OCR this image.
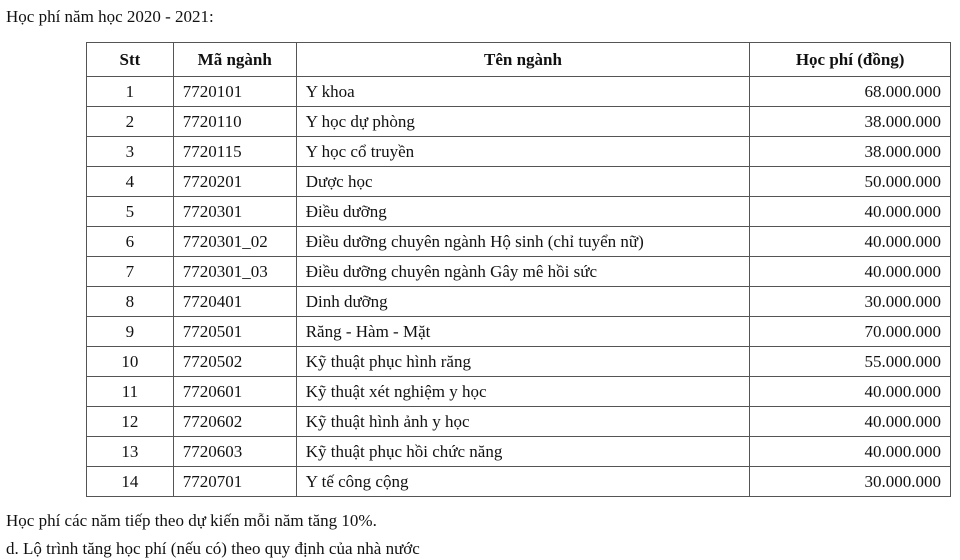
Học phí năm học 2020 - 2021:
Stt	Mã ngành	Tên ngành	Học phí (đồng)
1	7720101	Y khoa	68.000.000
2	7720110	Y học dự phòng	38.000.000
3	7720115	Y học cổ truyền	38.000.000
4	7720201	Dược học	50.000.000
5	7720301	Điều dưỡng	40.000.000
6	7720301_02	Điều dưỡng chuyên ngành Hộ sinh (chỉ tuyển nữ)	40.000.000
7	7720301_03	Điều dưỡng chuyên ngành Gây mê hồi sức	40.000.000
8	7720401	Dinh dưỡng	30.000.000
9	7720501	Răng - Hàm - Mặt	70.000.000
10	7720502	Kỹ thuật phục hình răng	55.000.000
11	7720601	Kỹ thuật xét nghiệm y học	40.000.000
12	7720602	Kỹ thuật hình ảnh y học	40.000.000
13	7720603	Kỹ thuật phục hồi chức năng	40.000.000
14	7720701	Y tế công cộng	30.000.000
Học phí các năm tiếp theo dự kiến mỗi năm tăng 10%.
d. Lộ trình tăng học phí (nếu có) theo quy định của nhà nước
